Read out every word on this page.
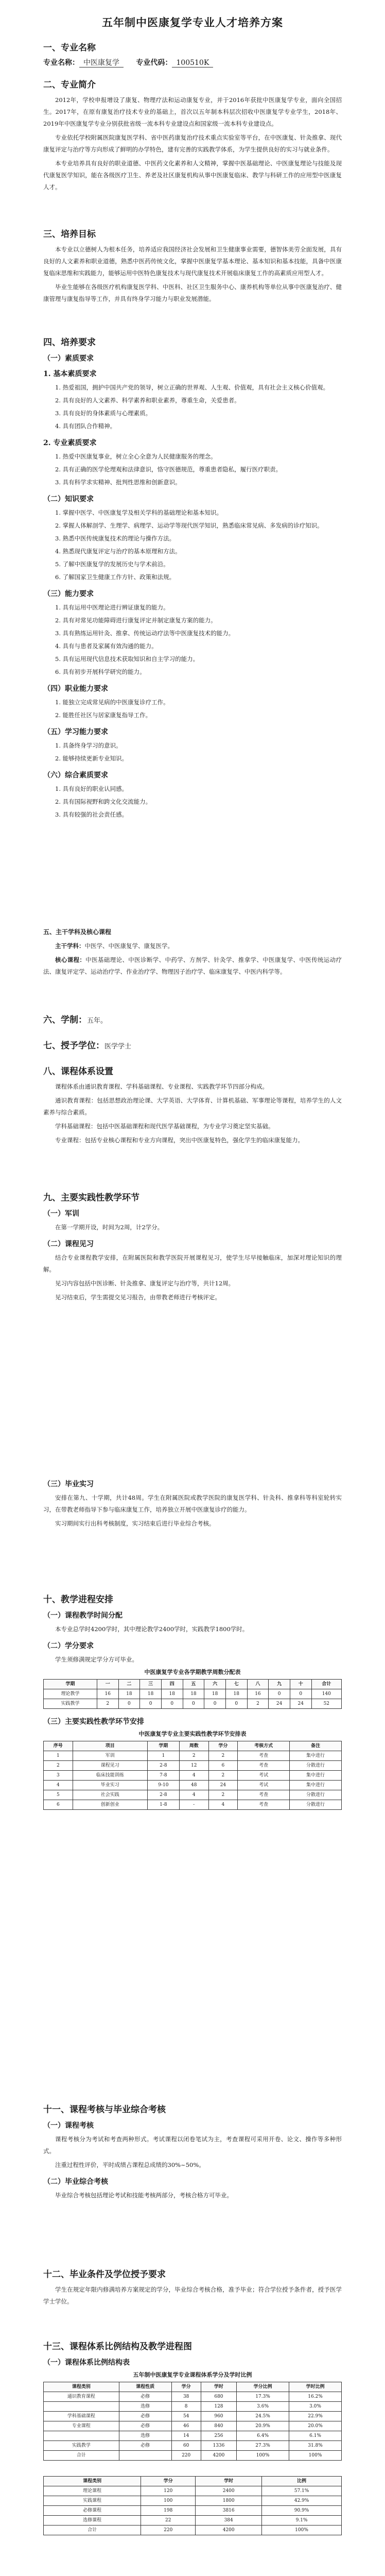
五年制中医康复学专业人才培养方案
一、专业名称
专业名称： 中医康复学 专业代码： 100510K
二、专业简介

2012年，学校申报增设了康复、物理疗法和运动康复专业，并于2016年获批中医康复学专业，面向全国招生。2017年，在原有康复治疗技术专业的基础上，首次以五年制本科层次招收中医康复学专业学生，2018年、2019年中医康复学专业分别获批省级一流本科专业建设点和国家级一流本科专业建设点。

专业依托学校附属医院康复医学科、省中医药康复治疗技术重点实验室等平台，在中医康复、针灸推拿、现代康复评定与治疗等方向形成了鲜明的办学特色，建有完善的实践教学体系，为学生提供良好的实习与就业条件。

本专业培养具有良好的职业道德、中医药文化素养和人文精神，掌握中医基础理论、中医康复理论与技能及现代康复医学知识，能在各级医疗卫生、养老及社区康复机构从事中医康复临床、教学与科研工作的应用型中医康复人才。

三、培养目标

本专业以立德树人为根本任务，培养适应我国经济社会发展和卫生健康事业需要，德智体美劳全面发展，具有良好的人文素养和职业道德，熟悉中医药传统文化，掌握中医康复学基本理论、基本知识和基本技能，具备中医康复临床思维和实践能力，能够运用中医特色康复技术与现代康复技术开展临床康复工作的高素质应用型人才。

毕业生能够在各级医疗机构康复医学科、中医科、社区卫生服务中心、康养机构等单位从事中医康复治疗、健康管理与康复指导等工作，并具有终身学习能力与职业发展潜能。

四、培养要求
（一）素质要求
1. 基本素质要求

1. 热爱祖国，拥护中国共产党的领导，树立正确的世界观、人生观、价值观，具有社会主义核心价值观。

2. 具有良好的人文素养、科学素养和职业素养，尊重生命，关爱患者。

3. 具有良好的身体素质与心理素质。

4. 具有团队合作精神。

2. 专业素质要求

1. 热爱中医康复事业，树立全心全意为人民健康服务的理念。

2. 具有正确的医学伦理观和法律意识，恪守医德规范，尊重患者隐私，履行医疗职责。

3. 具有科学求实精神、批判性思维和创新意识。

（二）知识要求

1. 掌握中医学、中医康复学及相关学科的基础理论和基本知识。

2. 掌握人体解剖学、生理学、病理学、运动学等现代医学知识，熟悉临床常见病、多发病的诊疗知识。

3. 熟悉中医传统康复技术的理论与操作方法。

4. 熟悉现代康复评定与治疗的基本原理和方法。

5. 了解中医康复学的发展历史与学术前沿。

6. 了解国家卫生健康工作方针、政策和法规。

（三）能力要求

1. 具有运用中医理论进行辨证康复的能力。

2. 具有对常见功能障碍进行康复评定并制定康复方案的能力。

3. 具有熟练运用针灸、推拿、传统运动疗法等中医康复技术的能力。

4. 具有与患者及家属有效沟通的能力。

5. 具有运用现代信息技术获取知识和自主学习的能力。

6. 具有初步开展科学研究的能力。

（四）职业能力要求

1. 能独立完成常见病的中医康复诊疗工作。

2. 能胜任社区与居家康复指导工作。

（五）学习能力要求

1. 具备终身学习的意识。

2. 能够持续更新专业知识。

（六）综合素质要求

1. 具有良好的职业认同感。

2. 具有国际视野和跨文化交流能力。

3. 具有较强的社会责任感。

五、主干学科及核心课程

主干学科：中医学、中医康复学、康复医学。

核心课程：中医基础理论、中医诊断学、中药学、方剂学、针灸学、推拿学、中医康复学、中医传统运动疗法、康复评定学、运动治疗学、作业治疗学、物理因子治疗学、临床康复学、中医内科学等。

六、学制：五年。
七、授予学位：医学学士
八、课程体系设置

课程体系由通识教育课程、学科基础课程、专业课程、实践教学环节四部分构成。

通识教育课程：包括思想政治理论课、大学英语、大学体育、计算机基础、军事理论等课程，培养学生的人文素养与综合素质。

学科基础课程：包括中医基础课程和现代医学基础课程，为专业学习奠定坚实基础。

专业课程：包括专业核心课程和专业方向课程，突出中医康复特色，强化学生的临床康复能力。

九、主要实践性教学环节
（一）军训

在第一学期开设，时间为2周，计2学分。

（二）课程见习

结合专业课程教学安排，在附属医院和教学医院开展课程见习，使学生尽早接触临床，加深对理论知识的理解。

见习内容包括中医诊断、针灸推拿、康复评定与治疗等，共计12周。

见习结束后，学生需提交见习报告，由带教老师进行考核评定。

（三）毕业实习

安排在第九、十学期，共计48周。学生在附属医院或教学医院的康复医学科、针灸科、推拿科等科室轮转实习，在带教老师指导下参与临床康复工作，培养独立开展中医康复诊疗的能力。

实习期间实行出科考核制度，实习结束后进行毕业综合考核。

十、教学进程安排
（一）课程教学时间分配

本专业总学时4200学时，其中理论教学2400学时，实践教学1800学时。

（二）学分要求

学生须修满规定学分方可毕业。

中医康复学专业各学期教学周数分配表
学期	一	二	三	四	五	六	七	八	九	十	合计
理论教学	16	18	18	18	18	18	18	16	0	0	140
实践教学	2	0	0	0	0	0	0	2	24	24	52
（三）主要实践性教学环节安排
中医康复学专业主要实践性教学环节安排表
序号	项目	学期	周数	学分	考核方式	备注
1	军训	1	2	2	考查	集中进行
2	课程见习	2-8	12	6	考查	分散进行
3	临床技能训练	7-8	4	2	考试	集中进行
4	毕业实习	9-10	48	24	考试	集中进行
5	社会实践	2-8	4	2	考查	分散进行
6	创新创业	1-8	-	4	考查	分散进行
十一、课程考核与毕业综合考核
（一）课程考核

课程考核分为考试和考查两种形式。考试课程以闭卷笔试为主，考查课程可采用开卷、论文、操作等多种形式。

注重过程性评价，平时成绩占课程总成绩的30%~50%。

（二）毕业综合考核

毕业综合考核包括理论考试和技能考核两部分，考核合格方可毕业。

十二、毕业条件及学位授予要求

学生在规定年限内修满培养方案规定的学分，毕业综合考核合格，准予毕业；符合学位授予条件者，授予医学学士学位。

十三、课程体系比例结构及教学进程图
（一）课程体系比例结构表
五年制中医康复学专业课程体系学分及学时比例
课程类别	课程性质	学分	学时	学分比例	学时比例
通识教育课程	必修	38	680	17.3%	16.2%
	选修	8	128	3.6%	3.0%
学科基础课程	必修	54	960	24.5%	22.9%
专业课程	必修	46	840	20.9%	20.0%
	选修	14	256	6.4%	6.1%
实践教学	必修	60	1336	27.3%	31.8%
合计		220	4200	100%	100%
课程类别	学分	学时	比例
理论课程	120	2400	57.1%
实践课程	100	1800	42.9%
必修课程	198	3816	90.9%
选修课程	22	384	9.1%
合计	220	4200	100%
